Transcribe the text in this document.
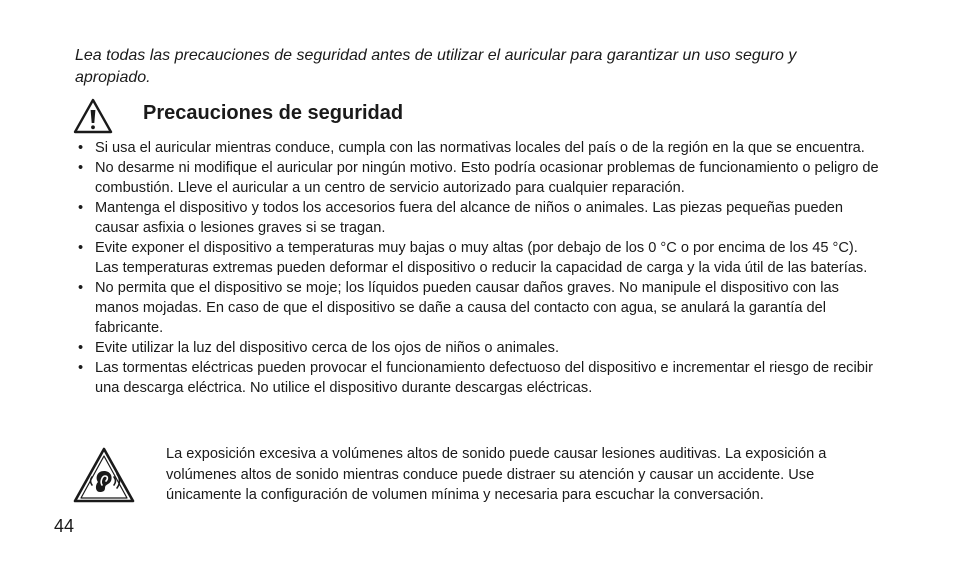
Lea todas las precauciones de seguridad antes de utilizar el auricular para garantizar un uso seguro y apropiado.

Precauciones de seguridad
• Si usa el auricular mientras conduce, cumpla con las normativas locales del país o de la región en la que se encuentra.
• No desarme ni modifique el auricular por ningún motivo. Esto podría ocasionar problemas de funcionamiento o peligro de combustión. Lleve el auricular a un centro de servicio autorizado para cualquier reparación.
• Mantenga el dispositivo y todos los accesorios fuera del alcance de niños o animales. Las piezas pequeñas pueden causar asfixia o lesiones graves si se tragan.
• Evite exponer el dispositivo a temperaturas muy bajas o muy altas (por debajo de los 0 °C o por encima de los 45 °C). Las temperaturas extremas pueden deformar el dispositivo o reducir la capacidad de carga y la vida útil de las baterías.
• No permita que el dispositivo se moje; los líquidos pueden causar daños graves. No manipule el dispositivo con las manos mojadas. En caso de que el dispositivo se dañe a causa del contacto con agua, se anulará la garantía del fabricante.
• Evite utilizar la luz del dispositivo cerca de los ojos de niños o animales.
• Las tormentas eléctricas pueden provocar el funcionamiento defectuoso del dispositivo e incrementar el riesgo de recibir una descarga eléctrica. No utilice el dispositivo durante descargas eléctricas.

La exposición excesiva a volúmenes altos de sonido puede causar lesiones auditivas. La exposición a volúmenes altos de sonido mientras conduce puede distraer su atención y causar un accidente. Use únicamente la configuración de volumen mínima y necesaria para escuchar la conversación.

44
